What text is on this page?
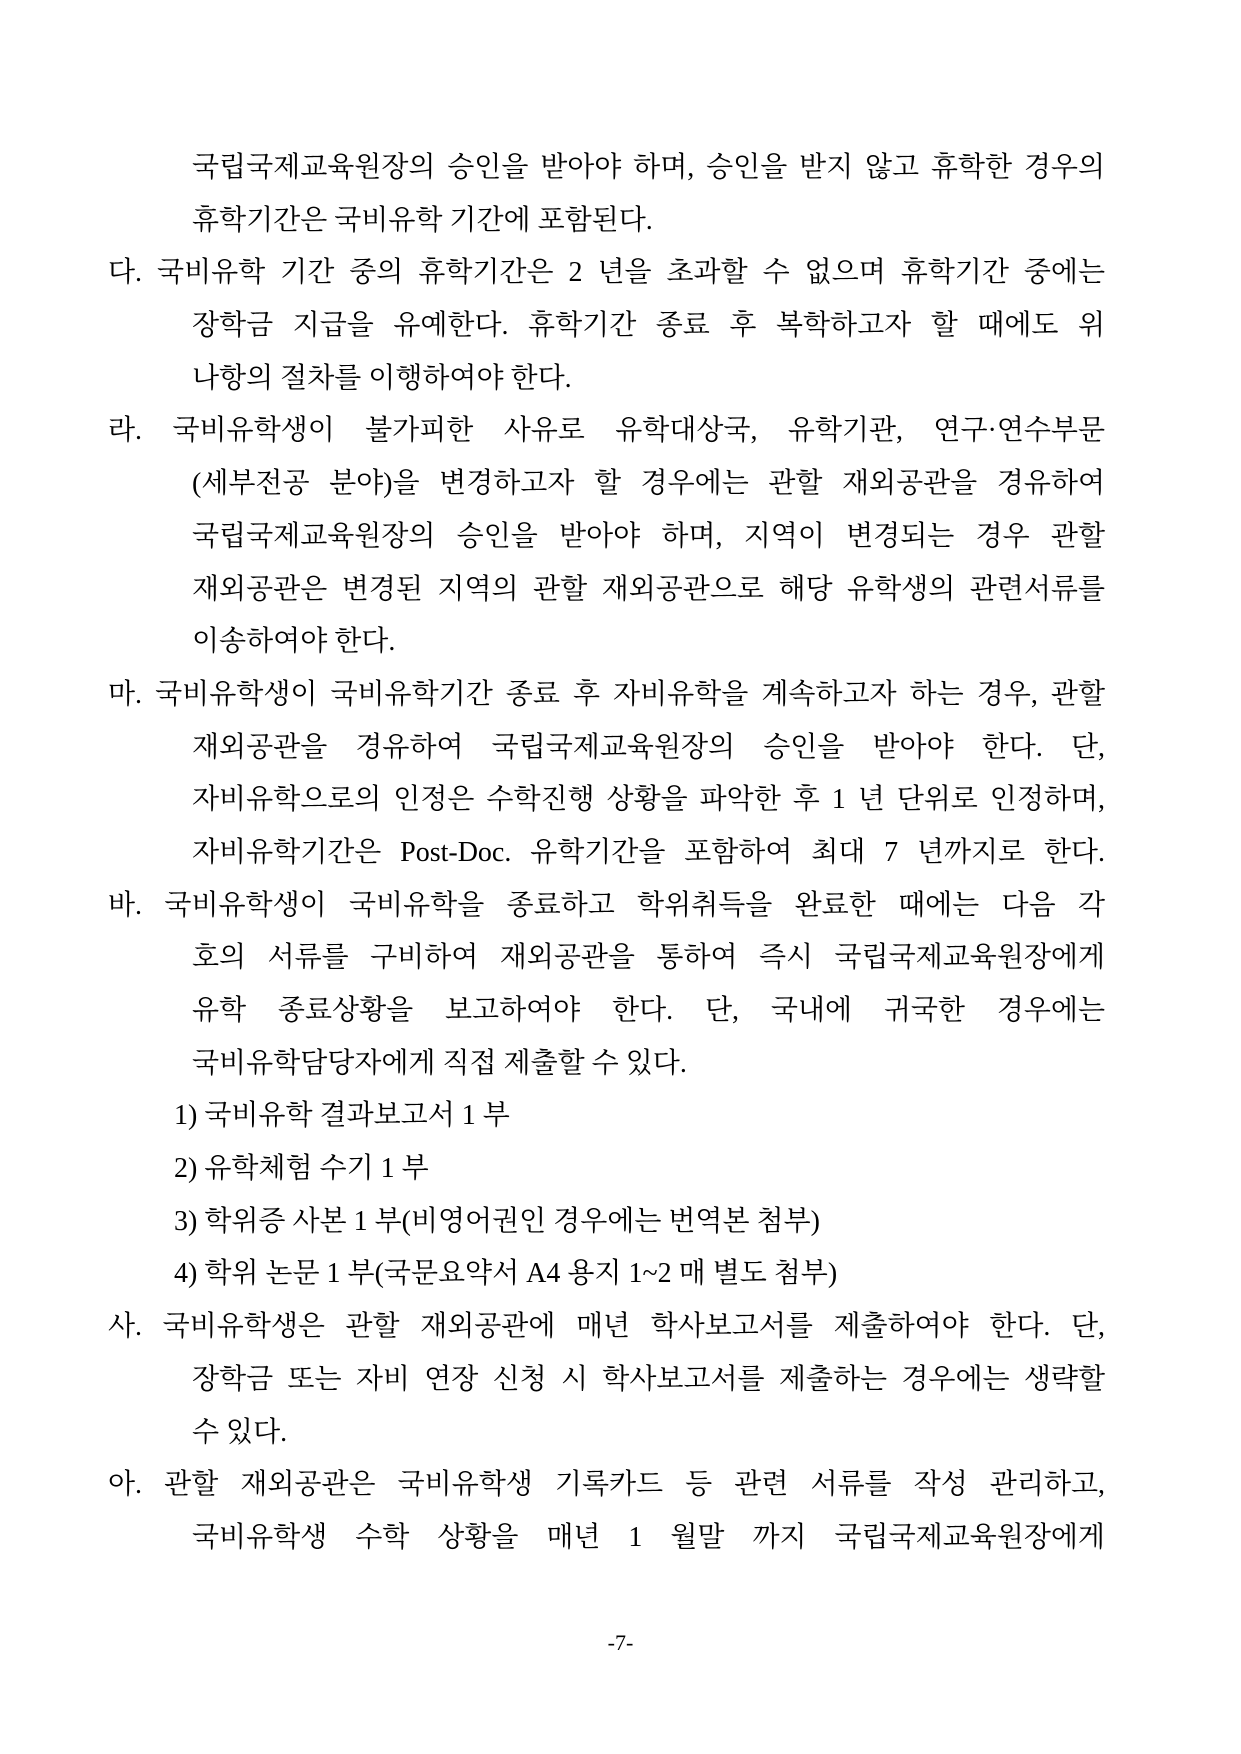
국립국제교육원장의 승인을 받아야 하며, 승인을 받지 않고 휴학한 경우의
휴학기간은 국비유학 기간에 포함된다.
다. 국비유학 기간 중의 휴학기간은 2 년을 초과할 수 없으며 휴학기간 중에는
장학금 지급을 유예한다. 휴학기간 종료 후 복학하고자 할 때에도 위
나항의 절차를 이행하여야 한다.
라. 국비유학생이 불가피한 사유로 유학대상국, 유학기관, 연구·연수부문
(세부전공 분야)을 변경하고자 할 경우에는 관할 재외공관을 경유하여
국립국제교육원장의 승인을 받아야 하며, 지역이 변경되는 경우 관할
재외공관은 변경된 지역의 관할 재외공관으로 해당 유학생의 관련서류를
이송하여야 한다.
마. 국비유학생이 국비유학기간 종료 후 자비유학을 계속하고자 하는 경우, 관할
재외공관을 경유하여 국립국제교육원장의 승인을 받아야 한다. 단,
자비유학으로의 인정은 수학진행 상황을 파악한 후 1 년 단위로 인정하며,
자비유학기간은 Post-Doc. 유학기간을 포함하여 최대 7 년까지로 한다.
바. 국비유학생이 국비유학을 종료하고 학위취득을 완료한 때에는 다음 각
호의 서류를 구비하여 재외공관을 통하여 즉시 국립국제교육원장에게
유학 종료상황을 보고하여야 한다. 단, 국내에 귀국한 경우에는
국비유학담당자에게 직접 제출할 수 있다.
1) 국비유학 결과보고서 1 부
2) 유학체험 수기 1 부
3) 학위증 사본 1 부(비영어권인 경우에는 번역본 첨부)
4) 학위 논문 1 부(국문요약서 A4 용지 1~2 매 별도 첨부)
사. 국비유학생은 관할 재외공관에 매년 학사보고서를 제출하여야 한다. 단,
장학금 또는 자비 연장 신청 시 학사보고서를 제출하는 경우에는 생략할
수 있다.
아. 관할 재외공관은 국비유학생 기록카드 등 관련 서류를 작성 관리하고,
국비유학생 수학 상황을 매년 1 월말 까지 국립국제교육원장에게
-7-
